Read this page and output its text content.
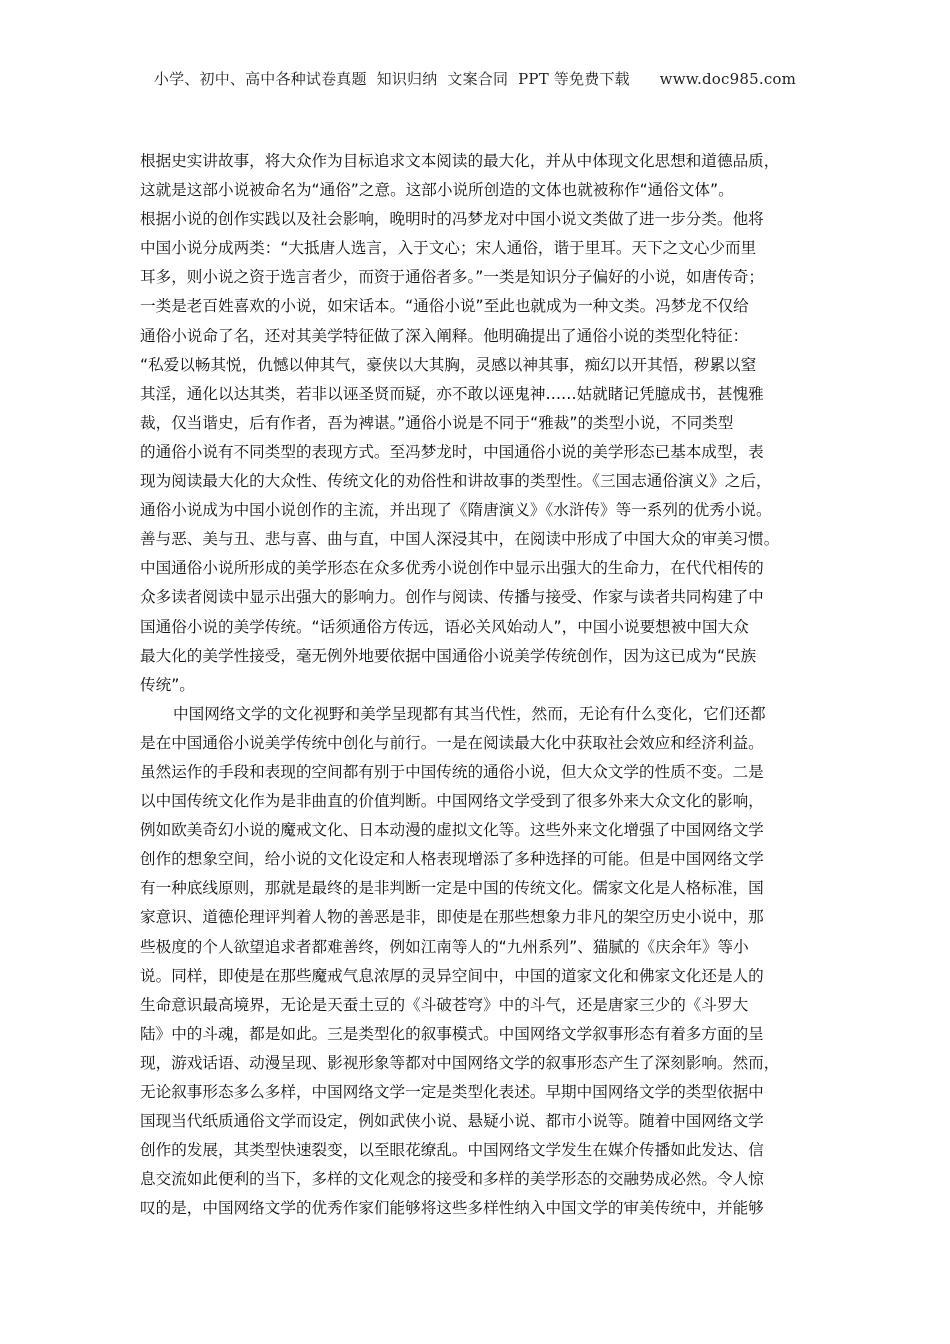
小学、初中、高中各种试卷真题  知识归纳  文案合同  PPT 等免费下载      www.doc985.com
根据史实讲故事，将大众作为目标追求文本阅读的最大化，并从中体现文化思想和道德品质，
这就是这部小说被命名为“通俗”之意。这部小说所创造的文体也就被称作“通俗文体”。
根据小说的创作实践以及社会影响，晚明时的冯梦龙对中国小说文类做了进一步分类。他将
中国小说分成两类：“大抵唐人选言，入于文心；宋人通俗，谐于里耳。天下之文心少而里
耳多，则小说之资于选言者少，而资于通俗者多。”一类是知识分子偏好的小说，如唐传奇；
一类是老百姓喜欢的小说，如宋话本。“通俗小说”至此也就成为一种文类。冯梦龙不仅给
通俗小说命了名，还对其美学特征做了深入阐释。他明确提出了通俗小说的类型化特征：
“私爱以畅其悦，仇憾以伸其气，豪侠以大其胸，灵感以神其事，痴幻以开其悟，秽累以窒
其淫，通化以达其类，若非以诬圣贤而疑，亦不敢以诬鬼神……姑就睹记凭臆成书，甚愧雅
裁，仅当谐史，后有作者，吾为裨谌。”通俗小说是不同于“雅裁”的类型小说，不同类型
的通俗小说有不同类型的表现方式。至冯梦龙时，中国通俗小说的美学形态已基本成型，表
现为阅读最大化的大众性、传统文化的劝俗性和讲故事的类型性。《三国志通俗演义》之后，
通俗小说成为中国小说创作的主流，并出现了《隋唐演义》《水浒传》等一系列的优秀小说。
善与恶、美与丑、悲与喜、曲与直，中国人深浸其中，在阅读中形成了中国大众的审美习惯。
中国通俗小说所形成的美学形态在众多优秀小说创作中显示出强大的生命力，在代代相传的
众多读者阅读中显示出强大的影响力。创作与阅读、传播与接受、作家与读者共同构建了中
国通俗小说的美学传统。“话须通俗方传远，语必关风始动人”，中国小说要想被中国大众
最大化的美学性接受，毫无例外地要依据中国通俗小说美学传统创作，因为这已成为“民族
传统”。
中国网络文学的文化视野和美学呈现都有其当代性，然而，无论有什么变化，它们还都
是在中国通俗小说美学传统中创化与前行。一是在阅读最大化中获取社会效应和经济利益。
虽然运作的手段和表现的空间都有别于中国传统的通俗小说，但大众文学的性质不变。二是
以中国传统文化作为是非曲直的价值判断。中国网络文学受到了很多外来大众文化的影响，
例如欧美奇幻小说的魔戒文化、日本动漫的虚拟文化等。这些外来文化增强了中国网络文学
创作的想象空间，给小说的文化设定和人格表现增添了多种选择的可能。但是中国网络文学
有一种底线原则，那就是最终的是非判断一定是中国的传统文化。儒家文化是人格标准，国
家意识、道德伦理评判着人物的善恶是非，即使是在那些想象力非凡的架空历史小说中，那
些极度的个人欲望追求者都难善终，例如江南等人的“九州系列”、猫腻的《庆余年》等小
说。同样，即使是在那些魔戒气息浓厚的灵异空间中，中国的道家文化和佛家文化还是人的
生命意识最高境界，无论是天蚕土豆的《斗破苍穹》中的斗气，还是唐家三少的《斗罗大
陆》中的斗魂，都是如此。三是类型化的叙事模式。中国网络文学叙事形态有着多方面的呈
现，游戏话语、动漫呈现、影视形象等都对中国网络文学的叙事形态产生了深刻影响。然而，
无论叙事形态多么多样，中国网络文学一定是类型化表述。早期中国网络文学的类型依据中
国现当代纸质通俗文学而设定，例如武侠小说、悬疑小说、都市小说等。随着中国网络文学
创作的发展，其类型快速裂变，以至眼花缭乱。中国网络文学发生在媒介传播如此发达、信
息交流如此便利的当下，多样的文化观念的接受和多样的美学形态的交融势成必然。令人惊
叹的是，中国网络文学的优秀作家们能够将这些多样性纳入中国文学的审美传统中，并能够
